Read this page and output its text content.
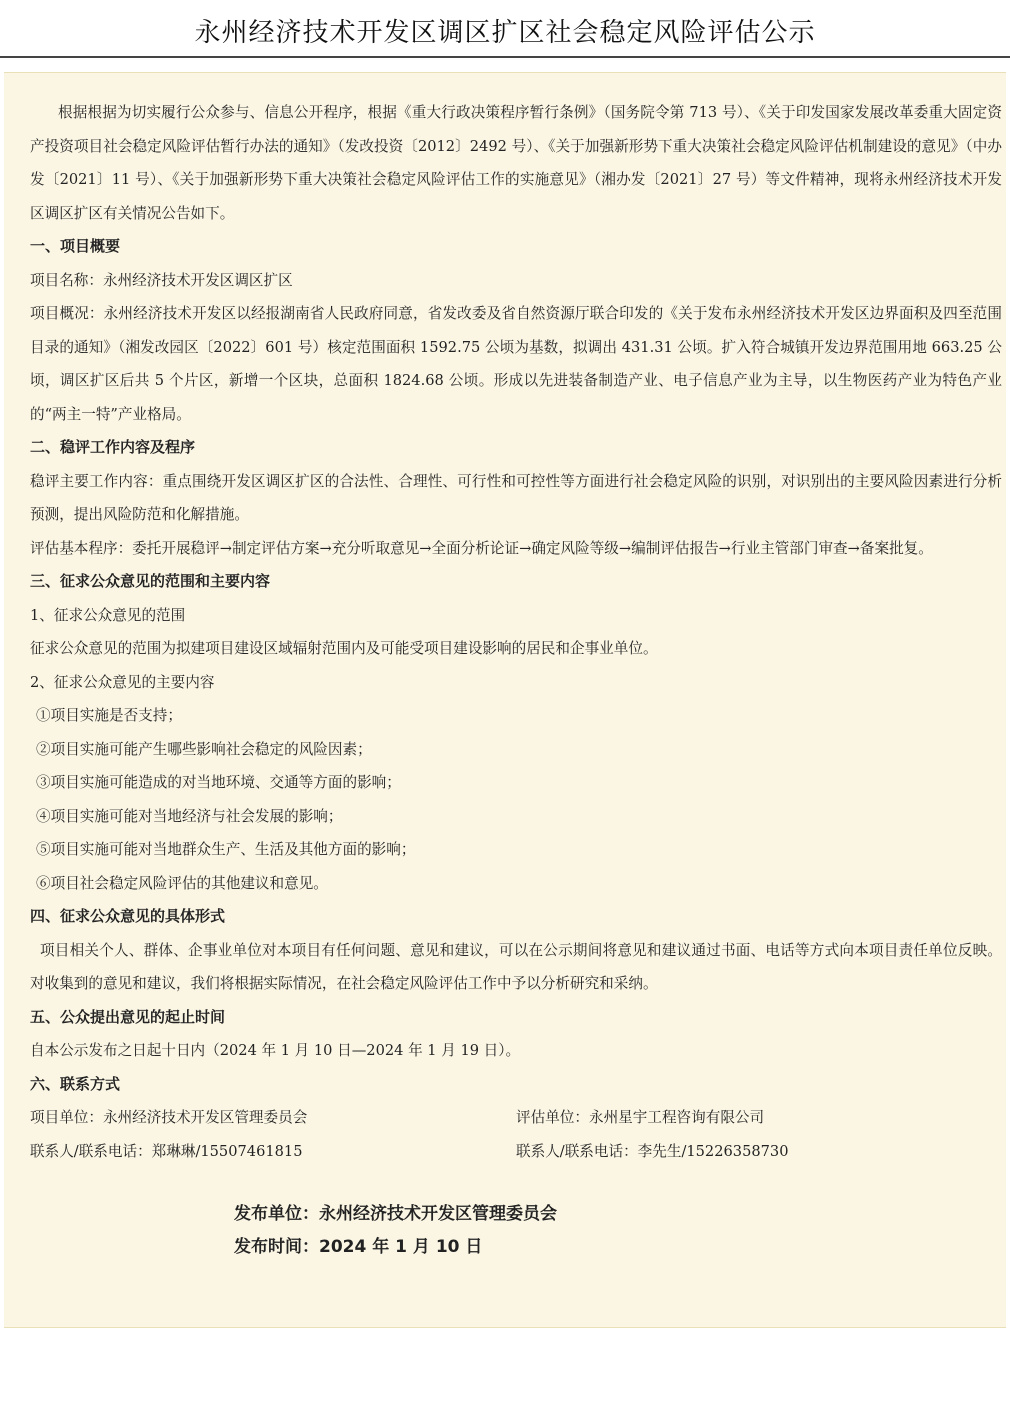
永州经济技术开发区调区扩区社会稳定风险评估公示

根据根据为切实履行公众参与、信息公开程序，根据《重大行政决策程序暂行条例》（国务院令第 713 号）、《关于印发国家发展改革委重大固定资产投资项目社会稳定风险评估暂行办法的通知》（发改投资〔2012〕2492 号）、《关于加强新形势下重大决策社会稳定风险评估机制建设的意见》（中办发〔2021〕11 号）、《关于加强新形势下重大决策社会稳定风险评估工作的实施意见》（湘办发〔2021〕27 号）等文件精神，现将永州经济技术开发区调区扩区有关情况公告如下。

一、项目概要

项目名称：永州经济技术开发区调区扩区

项目概况：永州经济技术开发区以经报湖南省人民政府同意，省发改委及省自然资源厅联合印发的《关于发布永州经济技术开发区边界面积及四至范围目录的通知》（湘发改园区〔2022〕601 号）核定范围面积 1592.75 公顷为基数，拟调出 431.31 公顷。扩入符合城镇开发边界范围用地 663.25 公顷，调区扩区后共 5 个片区，新增一个区块，总面积 1824.68 公顷。形成以先进装备制造产业、电子信息产业为主导，以生物医药产业为特色产业的“两主一特”产业格局。

二、稳评工作内容及程序

稳评主要工作内容：重点围绕开发区调区扩区的合法性、合理性、可行性和可控性等方面进行社会稳定风险的识别，对识别出的主要风险因素进行分析预测，提出风险防范和化解措施。

评估基本程序：委托开展稳评→制定评估方案→充分听取意见→全面分析论证→确定风险等级→编制评估报告→行业主管部门审查→备案批复。

三、征求公众意见的范围和主要内容

1、征求公众意见的范围

征求公众意见的范围为拟建项目建设区域辐射范围内及可能受项目建设影响的居民和企事业单位。

2、征求公众意见的主要内容

①项目实施是否支持；

②项目实施可能产生哪些影响社会稳定的风险因素；

③项目实施可能造成的对当地环境、交通等方面的影响；

④项目实施可能对当地经济与社会发展的影响；

⑤项目实施可能对当地群众生产、生活及其他方面的影响；

⑥项目社会稳定风险评估的其他建议和意见。

四、征求公众意见的具体形式

项目相关个人、群体、企事业单位对本项目有任何问题、意见和建议，可以在公示期间将意见和建议通过书面、电话等方式向本项目责任单位反映。对收集到的意见和建议，我们将根据实际情况，在社会稳定风险评估工作中予以分析研究和采纳。

五、公众提出意见的起止时间

自本公示发布之日起十日内（2024 年 1 月 10 日—2024 年 1 月 19 日）。

六、联系方式

项目单位：永州经济技术开发区管理委员会	评估单位：永州星宇工程咨询有限公司
联系人/联系电话：郑琳琳/15507461815	联系人/联系电话：李先生/15226358730
发布单位：永州经济技术开发区管理委员会
发布时间：2024 年 1 月 10 日
